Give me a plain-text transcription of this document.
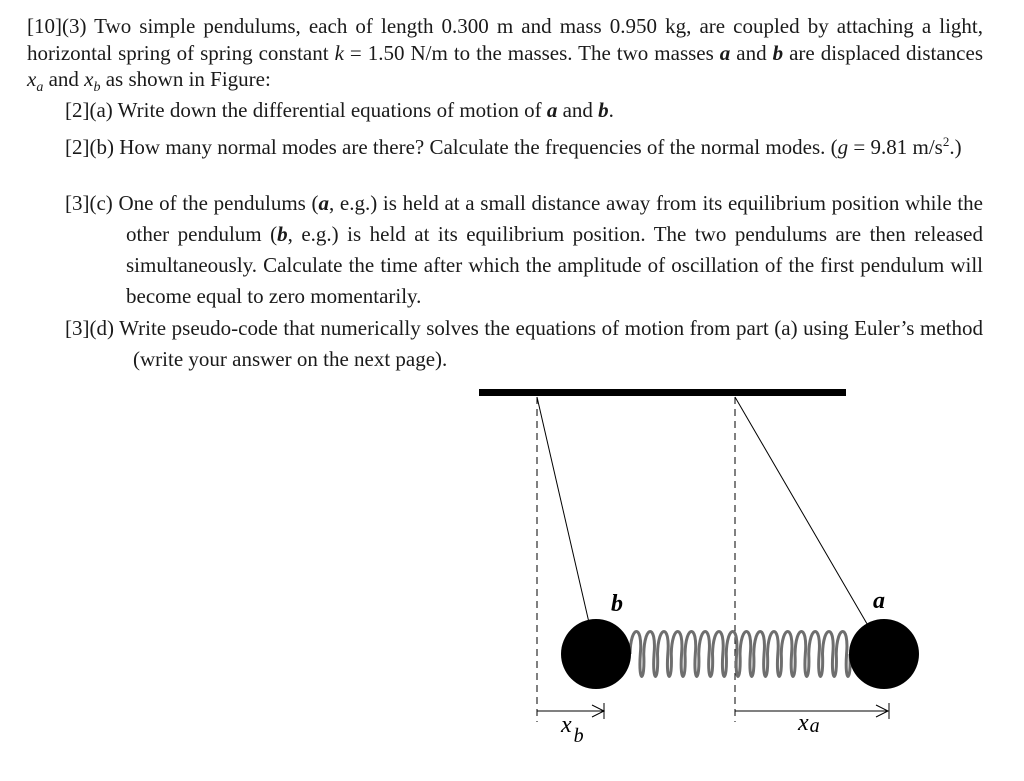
[10](3) Two simple pendulums, each of length 0.300 m and mass 0.950 kg, are coupled by attaching a light, horizontal spring of spring constant k = 1.50 N/m to the masses. The two masses a and b are displaced distances $x_a$ and $x_b$ as shown in Figure:

[2](a) Write down the differential equations of motion of a and b.

[2](b) How many normal modes are there? Calculate the frequencies of the normal modes. (g = 9.81 $m/s^2$.)

[3](c) One of the pendulums (a, e.g.) is held at a small distance away from its equilibrium position while the other pendulum (b, e.g.) is held at its equilibrium position. The two pendulums are then released simultaneously. Calculate the time after which the amplitude of oscillation of the first pendulum will become equal to zero momentarily.

[3](d) Write pseudo-code that numerically solves the equations of motion from part (a) using Euler’s method (write your answer on the next page).

b	a
x $_b$	xa
